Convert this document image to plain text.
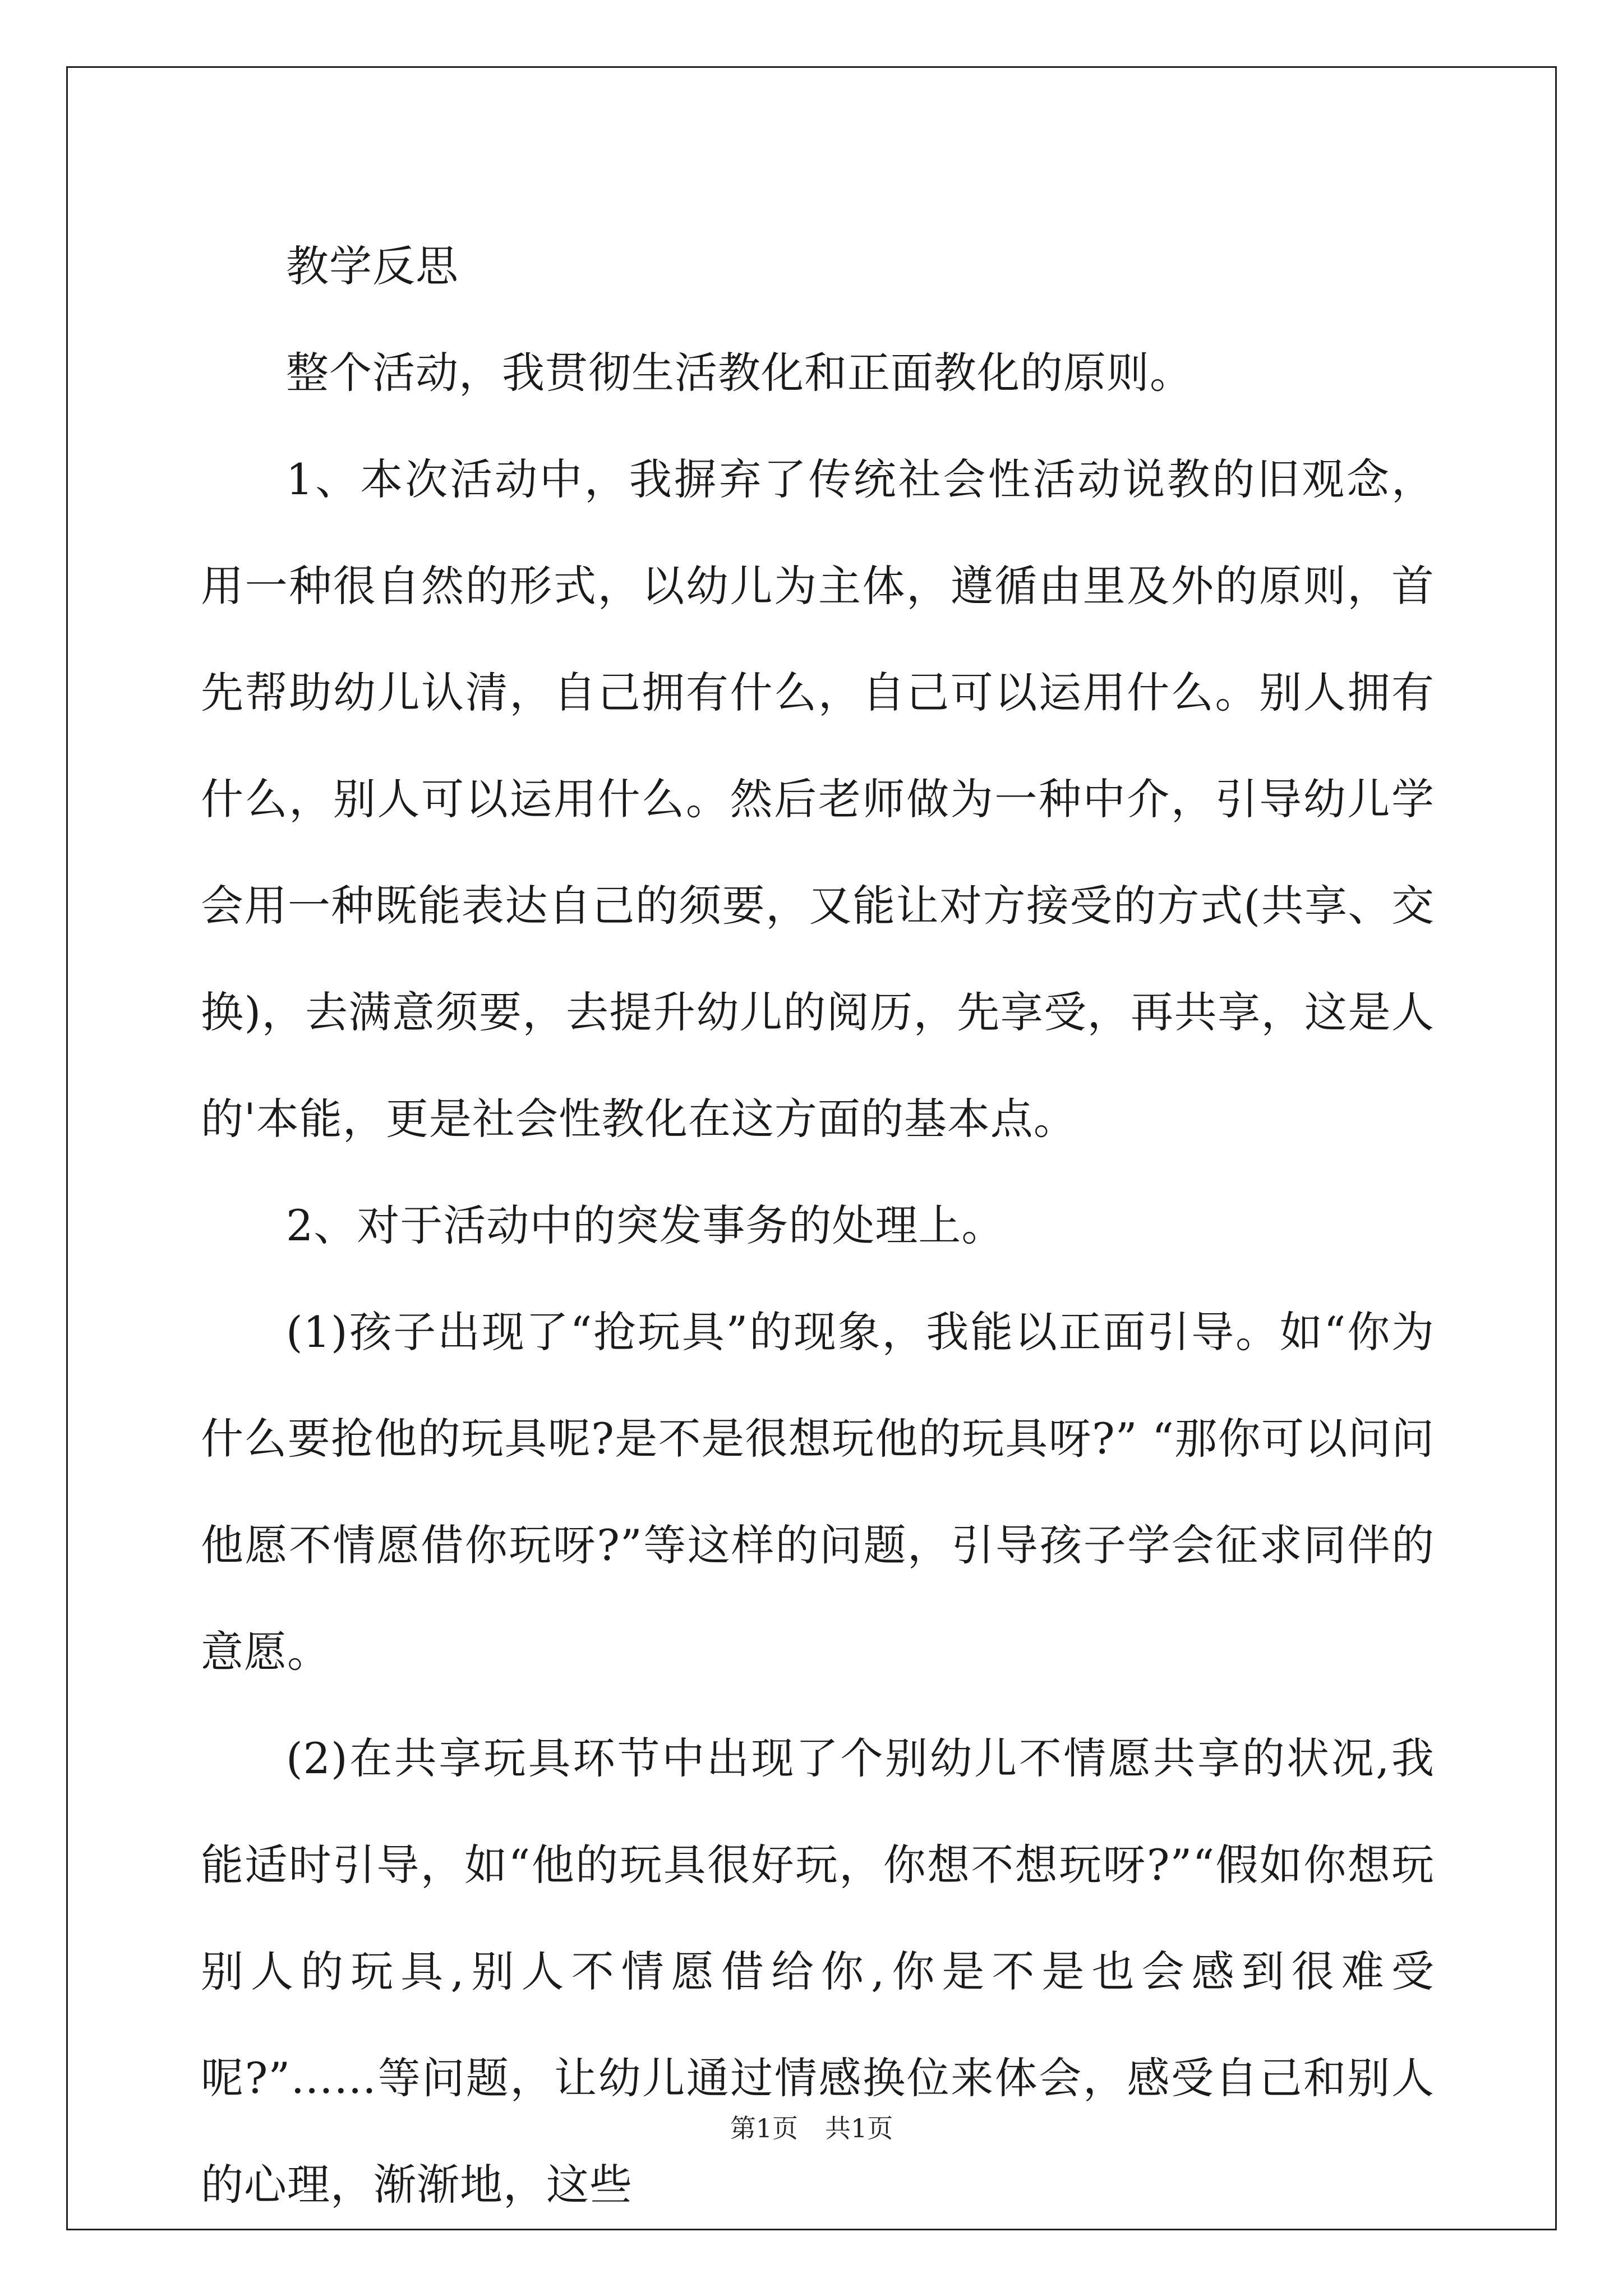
教学反思

整个活动，我贯彻生活教化和正面教化的原则。

1、本次活动中，我摒弃了传统社会性活动说教的旧观念，用一种很自然的形式，以幼儿为主体，遵循由里及外的原则，首先帮助幼儿认清，自己拥有什么，自己可以运用什么。别人拥有什么，别人可以运用什么。然后老师做为一种中介，引导幼儿学会用一种既能表达自己的须要，又能让对方接受的方式(共享、交换)，去满意须要，去提升幼儿的阅历，先享受，再共享，这是人的'本能，更是社会性教化在这方面的基本点。

2、对于活动中的突发事务的处理上。

(1)孩子出现了“抢玩具”的现象，我能以正面引导。如“你为什么要抢他的玩具呢?是不是很想玩他的玩具呀?” “那你可以问问他愿不情愿借你玩呀?”等这样的问题，引导孩子学会征求同伴的意愿。

(2)在共享玩具环节中出现了个别幼儿不情愿共享的状况,我能适时引导，如“他的玩具很好玩，你想不想玩呀?”“假如你想玩别人的玩具,别人不情愿借给你,你是不是也会感到很难受呢?”……等问题，让幼儿通过情感换位来体会，感受自己和别人的心理，渐渐地，这些

第1页 共1页
